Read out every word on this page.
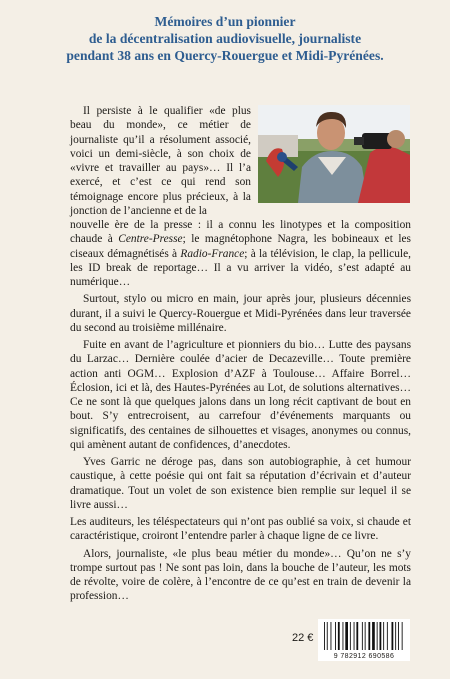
Mémoires d’un pionnier
de la décentralisation audiovisuelle, journaliste
pendant 38 ans en Quercy-Rouergue et Midi-Pyrénées.

Il persiste à le qualifier «de plus beau du monde», ce métier de journaliste qu’il a résolument associé, voici un demi-siècle, à son choix de «vivre et travailler au pays»… Il l’a exercé, et c’est ce qui rend son témoignage encore plus précieux, à la jonction de l’ancienne et de la

nouvelle ère de la presse : il a connu les linotypes et la composition chaude à Centre-Presse; le magnétophone Nagra, les bobineaux et les ciseaux démagnétisés à Radio-France; à la télévision, le clap, la pellicule, les ID break de reportage… Il a vu arriver la vidéo, s’est adapté au numérique…

Surtout, stylo ou micro en main, jour après jour, plusieurs décennies durant, il a suivi le Quercy-Rouergue et Midi-Pyrénées dans leur traversée du second au troisième millénaire.

Fuite en avant de l’agriculture et pionniers du bio… Lutte des paysans du Larzac… Dernière coulée d’acier de Decazeville… Toute première action anti OGM… Explosion d’AZF à Toulouse… Affaire Borrel… Éclosion, ici et là, des Hautes-Pyrénées au Lot, de solutions alternatives… Ce ne sont là que quelques jalons dans un long récit captivant de bout en bout. S’y entrecroisent, au carrefour d’événements marquants ou significatifs, des centaines de silhouettes et visages, anonymes ou connus, qui amènent autant de confidences, d’anecdotes.

Yves Garric ne déroge pas, dans son autobiographie, à cet humour caustique, à cette poésie qui ont fait sa réputation d’écrivain et d’auteur dramatique. Tout un volet de son existence bien remplie sur lequel il se livre aussi…

Les auditeurs, les téléspectateurs qui n’ont pas oublié sa voix, si chaude et caractéristique, croiront l’entendre parler à chaque ligne de ce livre.

Alors, journaliste, «le plus beau métier du monde»… Qu’on ne s’y trompe surtout pas ! Ne sont pas loin, dans la bouche de l’auteur, les mots de révolte, voire de colère, à l’encontre de ce qu’est en train de devenir la profession…

22 €
9 782912 690586
